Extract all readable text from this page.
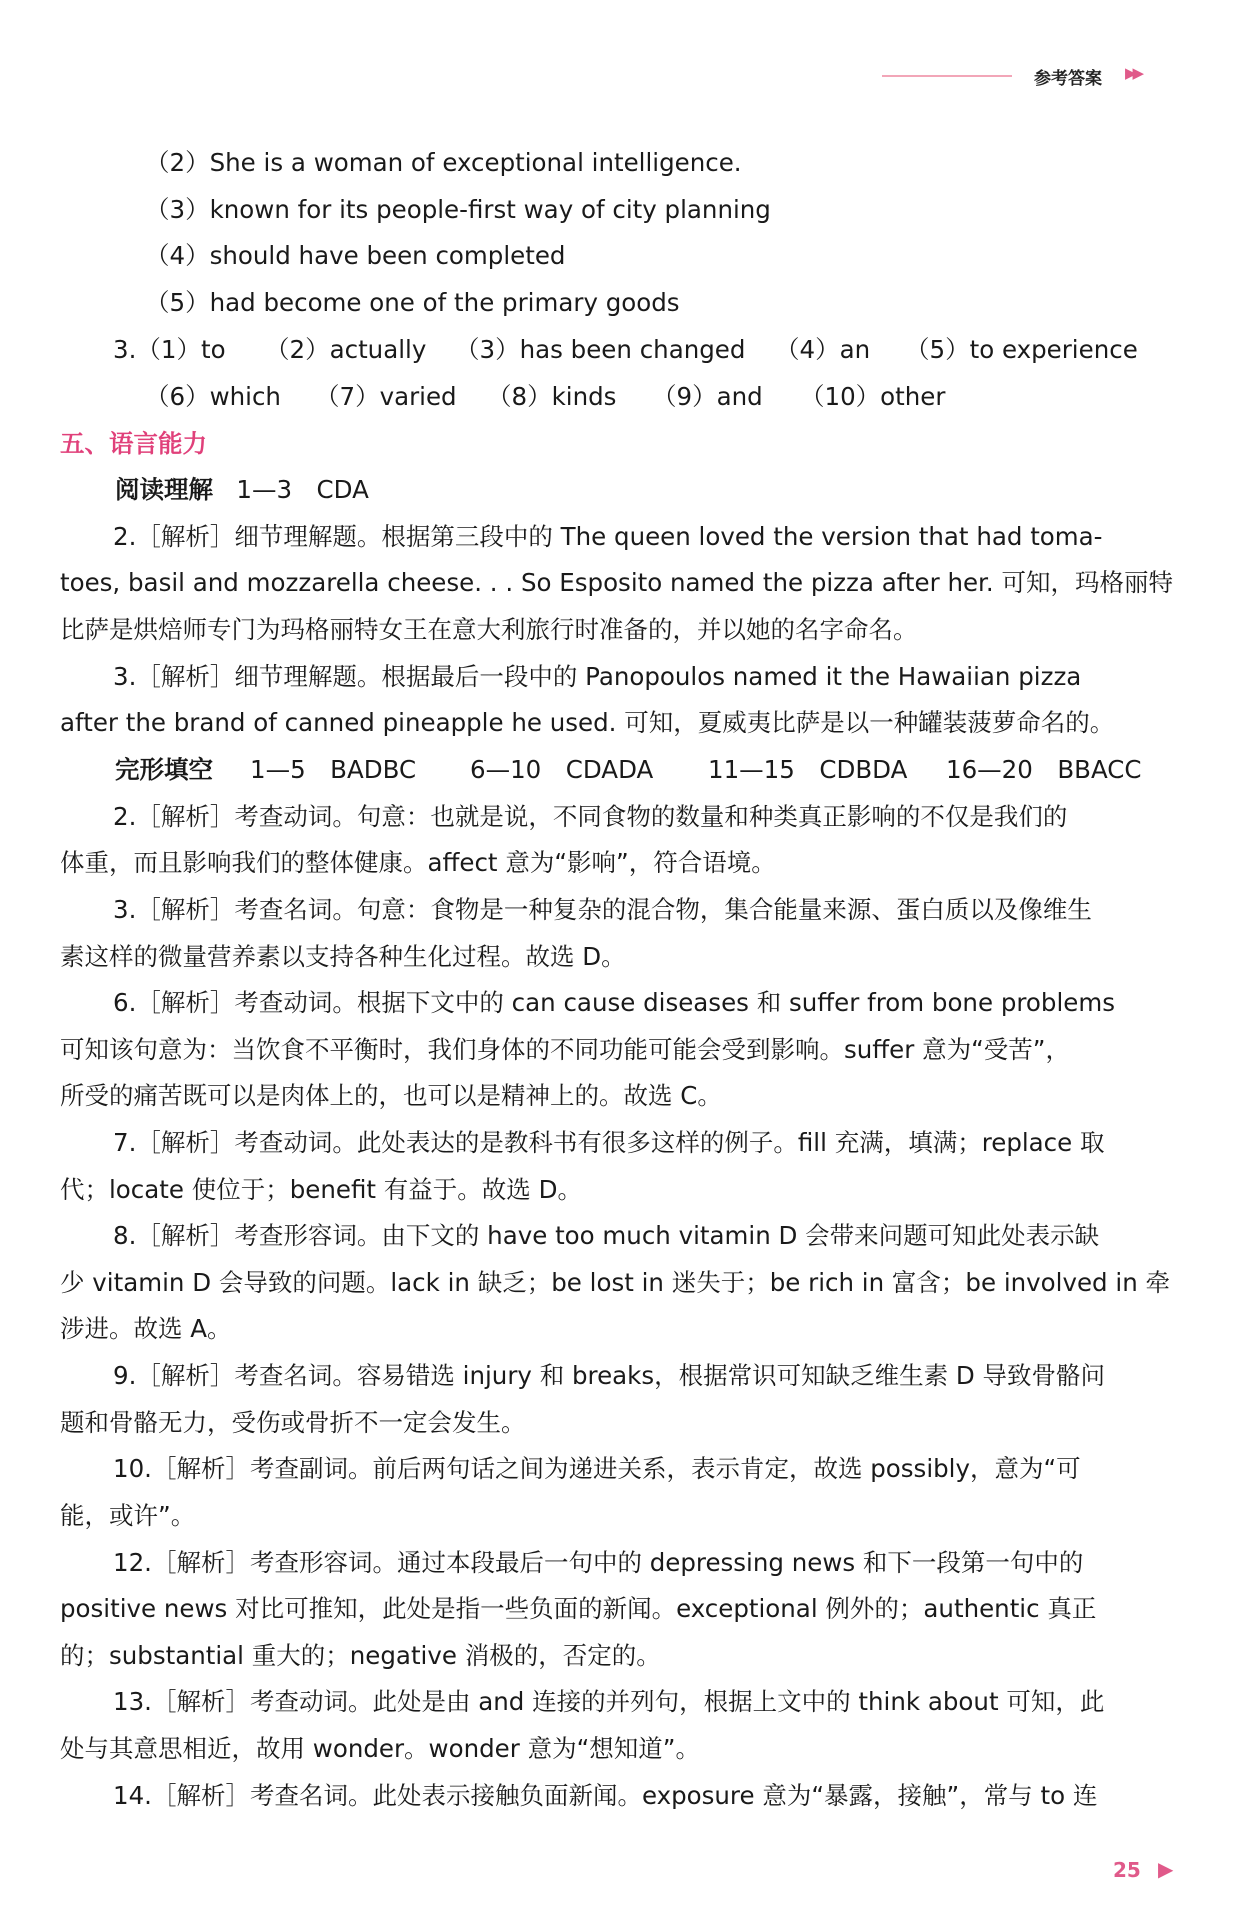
参考答案 ▶▶
（2）She is a woman of exceptional intelligence.
（3）known for its people-first way of city planning
（4）should have been completed
（5）had become one of the primary goods
3.（1）to （2）actually （3）has been changed （4）an （5）to experience
（6）which （7）varied （8）kinds （9）and （10）other
五、语言能力
阅读理解 1—3　CDA
2.［解析］细节理解题。根据第三段中的 The queen loved the version that had toma-
toes, basil and mozzarella cheese. . . So Esposito named the pizza after her. 可知，玛格丽特
比萨是烘焙师专门为玛格丽特女王在意大利旅行时准备的，并以她的名字命名。
3.［解析］细节理解题。根据最后一段中的 Panopoulos named it the Hawaiian pizza
after the brand of canned pineapple he used. 可知，夏威夷比萨是以一种罐装菠萝命名的。
完形填空 1—5　BADBC 6—10　CDADA 11—15　CDBDA 16—20　BBACC
2.［解析］考查动词。句意：也就是说，不同食物的数量和种类真正影响的不仅是我们的
体重，而且影响我们的整体健康。affect 意为“影响”，符合语境。
3.［解析］考查名词。句意：食物是一种复杂的混合物，集合能量来源、蛋白质以及像维生
素这样的微量营养素以支持各种生化过程。故选 D。
6.［解析］考查动词。根据下文中的 can cause diseases 和 suffer from bone problems
可知该句意为：当饮食不平衡时，我们身体的不同功能可能会受到影响。suffer 意为“受苦”，
所受的痛苦既可以是肉体上的，也可以是精神上的。故选 C。
7.［解析］考查动词。此处表达的是教科书有很多这样的例子。fill 充满，填满；replace 取
代；locate 使位于；benefit 有益于。故选 D。
8.［解析］考查形容词。由下文的 have too much vitamin D 会带来问题可知此处表示缺
少 vitamin D 会导致的问题。lack in 缺乏；be lost in 迷失于；be rich in 富含；be involved in 牵
涉进。故选 A。
9.［解析］考查名词。容易错选 injury 和 breaks，根据常识可知缺乏维生素 D 导致骨骼问
题和骨骼无力，受伤或骨折不一定会发生。
10.［解析］考查副词。前后两句话之间为递进关系，表示肯定，故选 possibly，意为“可
能，或许”。
12.［解析］考查形容词。通过本段最后一句中的 depressing news 和下一段第一句中的
positive news 对比可推知，此处是指一些负面的新闻。exceptional 例外的；authentic 真正
的；substantial 重大的；negative 消极的，否定的。
13.［解析］考查动词。此处是由 and 连接的并列句，根据上文中的 think about 可知，此
处与其意思相近，故用 wonder。wonder 意为“想知道”。
14.［解析］考查名词。此处表示接触负面新闻。exposure 意为“暴露，接触”，常与 to 连
25 ▶
